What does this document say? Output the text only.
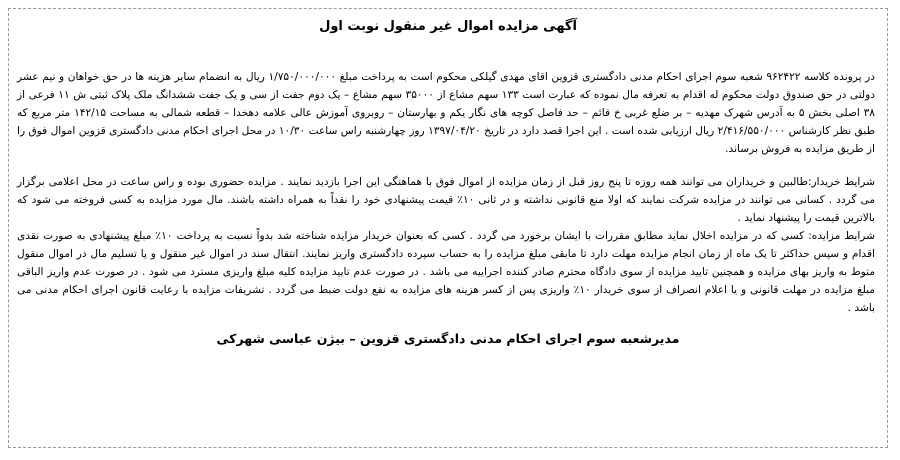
آگهی مزایده اموال غیر منقول نوبت اول

در پرونده کلاسه ۹۶۲۴۲۲ شعبه سوم اجرای احکام مدنی دادگستری قزوین اقای مهدی گیلکی محکوم است به پرداخت مبلغ ۱/۷۵۰/۰۰۰/۰۰۰ ریال به انضمام سایر هزینه ها در حق خواهان و نیم عشر دولتی در حق صندوق دولت محکوم له اقدام به تعرفه مال نموده که عبارت است ۱۳۳ سهم مشاع از ۳۵۰۰۰ سهم مشاع – یک دوم جفت از سی و یک جفت ششدانگ ملک پلاک ثبتی ش ۱۱ فرعی از ۳۸ اصلی بخش ۵ به آدرس شهرک مهدیه – بر ضلع غربی خ قائم – حد فاصل کوچه های نگار یکم و بهارستان – روبروی آموزش عالی علامه دهخدا – قطعه شمالی به مساحت ۱۴۲/۱۵ متر مربع که طبق نظر کارشناس ۲/۴۱۶/۵۵۰/۰۰۰ ریال ارزیابی شده است . این اجرا قصد دارد در تاریخ ۱۳۹۷/۰۴/۲۰ روز چهارشنبه راس ساعت ۱۰/۳۰ در محل اجرای احکام مدنی دادگستری قزوین اموال فوق را از طریق مزایده به فروش برساند.

شرایط خریدار:طالبین و خریداران می توانند همه روزه تا پنج روز قبل از زمان مزایده از اموال فوق با هماهنگی این اجرا بازدید نمایند . مزایده حضوری بوده و راس ساعت در محل اعلامی برگزار می گردد . کسانی می توانند در مزایده شرکت نمایند که اولا منع قانونی نداشته و در ثانی ۱۰٪ قیمت پیشنهادی خود را نقداً به همراه داشته باشند. مال مورد مزایده به کسی فروخته می شود که بالاترین قیمت را پیشنهاد نماید .

شرایط مزایده: کسی که در مزایده اخلال نماید مطابق مقررات با ایشان برخورد می گردد . کسی که بعنوان خریدار مزایده شناخته شد بدواً نسبت به پرداخت ۱۰٪ مبلغ پیشنهادی به صورت نقدی اقدام و سپس حداکثر تا یک ماه از زمان انجام مزایده مهلت دارد تا مابقی مبلغ مزایده را به حساب سپرده دادگستری واریز نمایند. انتقال سند در اموال غیر منقول و یا تسلیم مال در اموال منقول متوط به واریز بهای مزایده و همچنین تایید مزایده از سوی دادگاه محترم صادر کننده اجراییه می باشد . در صورت عدم تایید مزایده کلیه مبلغ واریزی مسترد می شود . در صورت عدم واریز الباقی مبلغ مزایده در مهلت قانونی و یا اعلام انصراف از سوی خریدار ۱۰٪ واریزی پس از کسر هزینه های مزایده به نفع دولت ضبط می گردد . تشریفات مزایده با رعایت قانون اجرای احکام مدنی می باشد .

مدیرشعبه سوم اجرای احکام مدنی دادگستری قزوین – بیژن عباسی شهرکی
